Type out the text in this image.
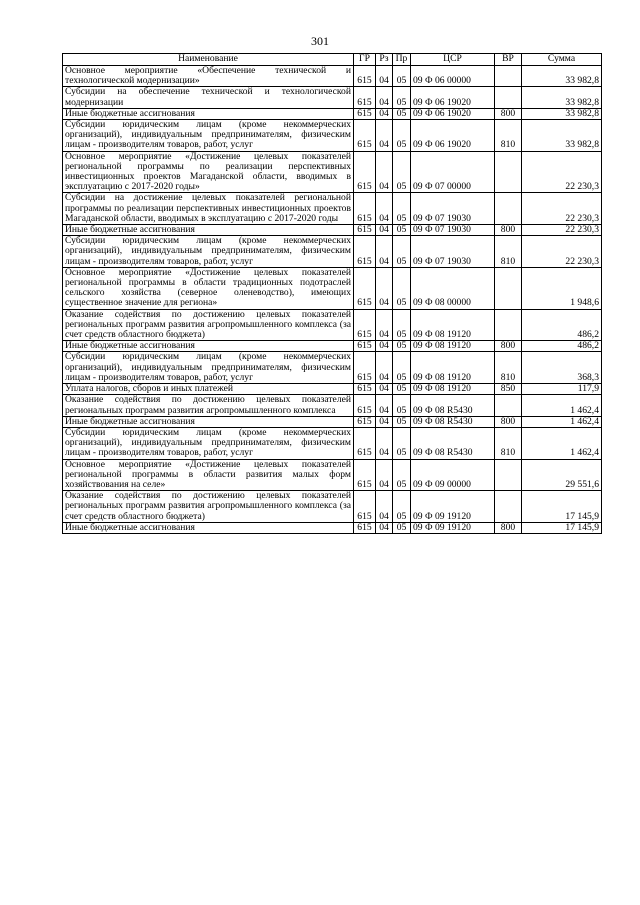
301
Наименование	ГР	Рз	Пр	ЦСР	ВР	Сумма
Основное мероприятие «Обеспечение технической и технологической модернизации»	615	04	05	09 Ф 06 00000		33 982,8
Субсидии на обеспечение технической и технологической модернизации	615	04	05	09 Ф 06 19020		33 982,8
Иные бюджетные ассигнования	615	04	05	09 Ф 06 19020	800	33 982,8
Субсидии юридическим лицам (кроме некоммерческих организаций), индивидуальным предпринимателям, физическим лицам - производителям товаров, работ, услуг	615	04	05	09 Ф 06 19020	810	33 982,8
Основное мероприятие «Достижение целевых показателей региональной программы по реализации перспективных инвестиционных проектов Магаданской области, вводимых в эксплуатацию с 2017-2020 годы»	615	04	05	09 Ф 07 00000		22 230,3
Субсидии на достижение целевых показателей региональной программы по реализации перспективных инвестиционных проектов Магаданской области, вводимых в эксплуатацию с 2017-2020 годы	615	04	05	09 Ф 07 19030		22 230,3
Иные бюджетные ассигнования	615	04	05	09 Ф 07 19030	800	22 230,3
Субсидии юридическим лицам (кроме некоммерческих организаций), индивидуальным предпринимателям, физическим лицам - производителям товаров, работ, услуг	615	04	05	09 Ф 07 19030	810	22 230,3
Основное мероприятие «Достижение целевых показателей региональной программы в области традиционных подотраслей сельского хозяйства (северное оленеводство), имеющих существенное значение для региона»	615	04	05	09 Ф 08 00000		1 948,6
Оказание содействия по достижению целевых показателей региональных программ развития агропромышленного комплекса (за счет средств областного бюджета)	615	04	05	09 Ф 08 19120		486,2
Иные бюджетные ассигнования	615	04	05	09 Ф 08 19120	800	486,2
Субсидии юридическим лицам (кроме некоммерческих организаций), индивидуальным предпринимателям, физическим лицам - производителям товаров, работ, услуг	615	04	05	09 Ф 08 19120	810	368,3
Уплата налогов, сборов и иных платежей	615	04	05	09 Ф 08 19120	850	117,9
Оказание содействия по достижению целевых показателей региональных программ развития агропромышленного комплекса	615	04	05	09 Ф 08 R5430		1 462,4
Иные бюджетные ассигнования	615	04	05	09 Ф 08 R5430	800	1 462,4
Субсидии юридическим лицам (кроме некоммерческих организаций), индивидуальным предпринимателям, физическим лицам - производителям товаров, работ, услуг	615	04	05	09 Ф 08 R5430	810	1 462,4
Основное мероприятие «Достижение целевых показателей региональной программы в области развития малых форм хозяйствования на селе»	615	04	05	09 Ф 09 00000		29 551,6
Оказание содействия по достижению целевых показателей региональных программ развития агропромышленного комплекса (за счет средств областного бюджета)	615	04	05	09 Ф 09 19120		17 145,9
Иные бюджетные ассигнования	615	04	05	09 Ф 09 19120	800	17 145,9
